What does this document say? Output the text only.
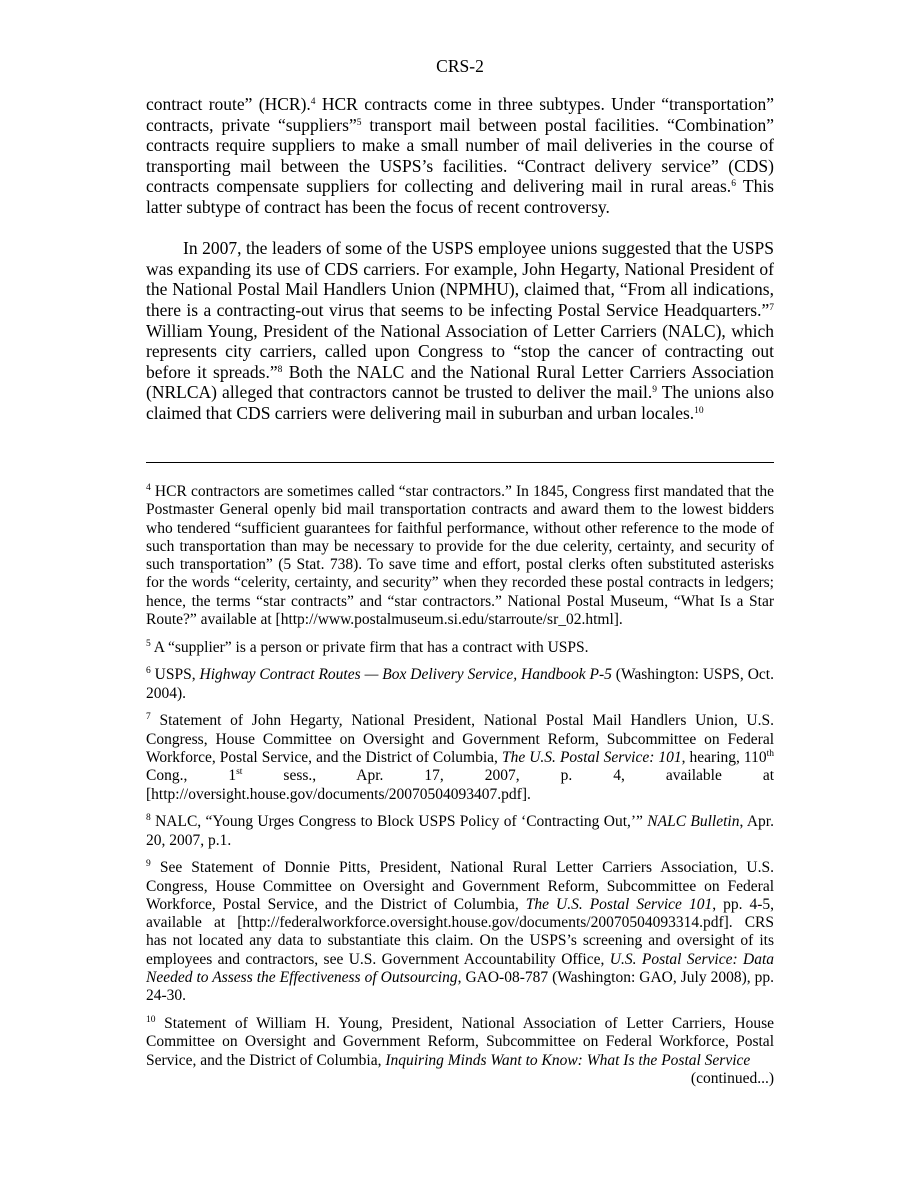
CRS-2

contract route” (HCR).$^4$ HCR contracts come in three subtypes. Under “transportation” contracts, private “suppliers”$^5$ transport mail between postal facilities. “Combination” contracts require suppliers to make a small number of mail deliveries in the course of transporting mail between the USPS’s facilities. “Contract delivery service” (CDS) contracts compensate suppliers for collecting and delivering mail in rural areas.$^6$ This latter subtype of contract has been the focus of recent controversy.

In 2007, the leaders of some of the USPS employee unions suggested that the USPS was expanding its use of CDS carriers. For example, John Hegarty, National President of the National Postal Mail Handlers Union (NPMHU), claimed that, “From all indications, there is a contracting-out virus that seems to be infecting Postal Service Headquarters.”$^7$ William Young, President of the National Association of Letter Carriers (NALC), which represents city carriers, called upon Congress to “stop the cancer of contracting out before it spreads.”$^8$ Both the NALC and the National Rural Letter Carriers Association (NRLCA) alleged that contractors cannot be trusted to deliver the mail.$^9$ The unions also claimed that CDS carriers were delivering mail in suburban and urban locales.$^{10}$

$^4$ HCR contractors are sometimes called “star contractors.” In 1845, Congress first mandated that the Postmaster General openly bid mail transportation contracts and award them to the lowest bidders who tendered “sufficient guarantees for faithful performance, without other reference to the mode of such transportation than may be necessary to provide for the due celerity, certainty, and security of such transportation” (5 Stat. 738). To save time and effort, postal clerks often substituted asterisks for the words “celerity, certainty, and security” when they recorded these postal contracts in ledgers; hence, the terms “star contracts” and “star contractors.” National Postal Museum, “What Is a Star Route?” available at [http://www.postalmuseum.si.edu/starroute/sr_02.html].

$^5$ A “supplier” is a person or private firm that has a contract with USPS.

$^6$ USPS, Highway Contract Routes — Box Delivery Service, Handbook P-5 (Washington: USPS, Oct. 2004).

$^7$ Statement of John Hegarty, National President, National Postal Mail Handlers Union, U.S. Congress, House Committee on Oversight and Government Reform, Subcommittee on Federal Workforce, Postal Service, and the District of Columbia, The U.S. Postal Service: 101, hearing, 110th Cong., 1st sess., Apr. 17, 2007, p. 4, available at [http://oversight.house.gov/documents/20070504093407.pdf].

$^8$ NALC, “Young Urges Congress to Block USPS Policy of ‘Contracting Out,’” NALC Bulletin, Apr. 20, 2007, p.1.

$^9$ See Statement of Donnie Pitts, President, National Rural Letter Carriers Association, U.S. Congress, House Committee on Oversight and Government Reform, Subcommittee on Federal Workforce, Postal Service, and the District of Columbia, The U.S. Postal Service 101, pp. 4-5, available at [http://federalworkforce.oversight.house.gov/documents/20070504093314.pdf]. CRS has not located any data to substantiate this claim. On the USPS’s screening and oversight of its employees and contractors, see U.S. Government Accountability Office, U.S. Postal Service: Data Needed to Assess the Effectiveness of Outsourcing, GAO-08-787 (Washington: GAO, July 2008), pp. 24-30.

$^{10}$ Statement of William H. Young, President, National Association of Letter Carriers, House Committee on Oversight and Government Reform, Subcommittee on Federal Workforce, Postal Service, and the District of Columbia, Inquiring Minds Want to Know: What Is the Postal Service
(continued...)
